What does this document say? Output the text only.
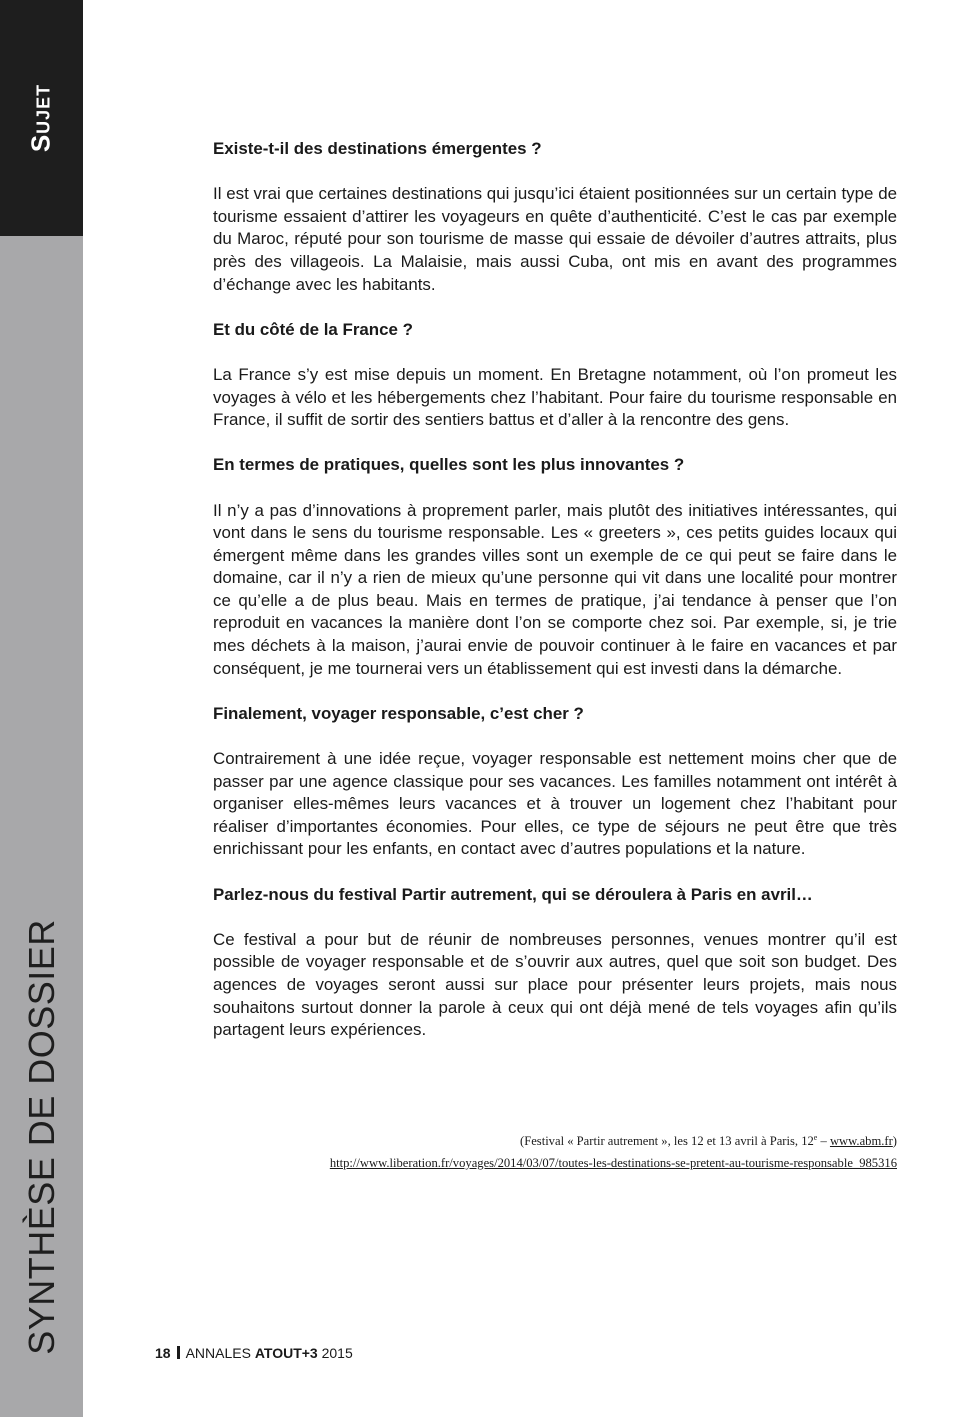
Sujet
SYNTHÈSE DE DOSSIER

Existe-t-il des destinations émergentes ?

Il est vrai que certaines destinations qui jusqu’ici étaient positionnées sur un certain type de tourisme essaient d’attirer les voyageurs en quête d’authenticité. C’est le cas par exemple du Maroc, réputé pour son tourisme de masse qui essaie de dévoiler d’autres attraits, plus près des villageois. La Malaisie, mais aussi Cuba, ont mis en avant des programmes d’échange avec les habitants.

Et du côté de la France ?

La France s’y est mise depuis un moment. En Bretagne notamment, où l’on promeut les voyages à vélo et les hébergements chez l’habitant. Pour faire du tourisme responsable en France, il suffit de sortir des sentiers battus et d’aller à la rencontre des gens.

En termes de pratiques, quelles sont les plus innovantes ?

Il n’y a pas d’innovations à proprement parler, mais plutôt des initiatives intéressantes, qui vont dans le sens du tourisme responsable. Les « greeters », ces petits guides locaux qui émergent même dans les grandes villes sont un exemple de ce qui peut se faire dans le domaine, car il n’y a rien de mieux qu’une personne qui vit dans une localité pour montrer ce qu’elle a de plus beau. Mais en termes de pratique, j’ai tendance à penser que l’on reproduit en vacances la manière dont l’on se comporte chez soi. Par exemple, si, je trie mes déchets à la maison, j’aurai envie de pouvoir continuer à le faire en vacances et par conséquent, je me tournerai vers un établissement qui est investi dans la démarche.

Finalement, voyager responsable, c’est cher ?

Contrairement à une idée reçue, voyager responsable est nettement moins cher que de passer par une agence classique pour ses vacances. Les familles notamment ont intérêt à organiser elles-mêmes leurs vacances et à trouver un logement chez l’habitant pour réaliser d’importantes économies. Pour elles, ce type de séjours ne peut être que très enrichissant pour les enfants, en contact avec d’autres populations et la nature.

Parlez-nous du festival Partir autrement, qui se déroulera à Paris en avril…

Ce festival a pour but de réunir de nombreuses personnes, venues montrer qu’il est possible de voyager responsable et de s’ouvrir aux autres, quel que soit son budget. Des agences de voyages seront aussi sur place pour présenter leurs projets, mais nous souhaitons surtout donner la parole à ceux qui ont déjà mené de tels voyages afin qu’ils partagent leurs expériences.

(Festival « Partir autrement », les 12 et 13 avril à Paris, 12e – www.abm.fr)
http://www.liberation.fr/voyages/2014/03/07/toutes-les-destinations-se-pretent-au-tourisme-responsable_985316
18 ANNALES ATOUT+3 2015
